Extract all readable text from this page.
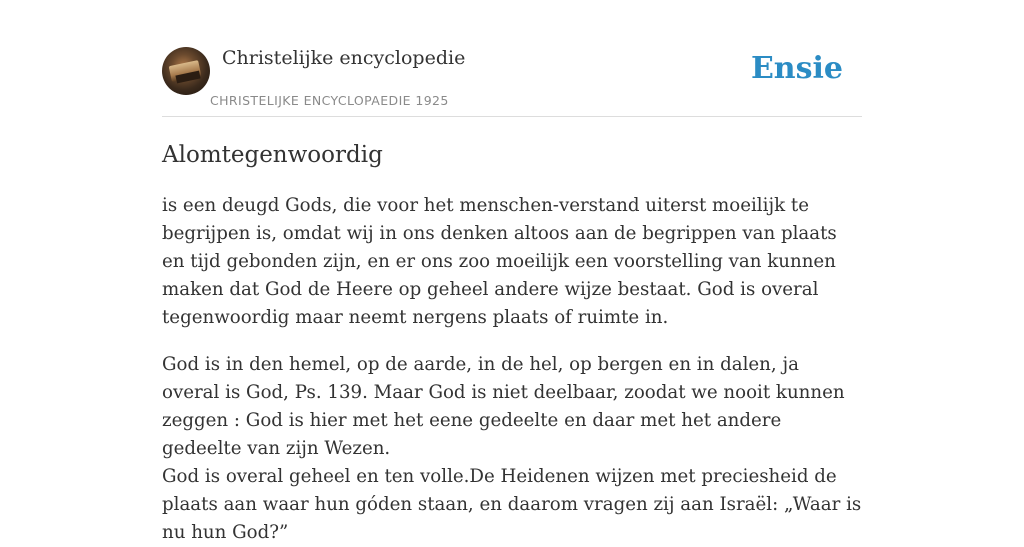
Christelijke encyclopedie
CHRISTELIJKE ENCYCLOPAEDIE 1925
Ensie
Alomtegenwoordig

is een deugd Gods, die voor het menschen-verstand uiterst moeilijk te begrijpen is, omdat wij in ons denken altoos aan de begrippen van plaats en tijd gebonden zijn, en er ons zoo moeilijk een voorstelling van kunnen maken dat God de Heere op geheel andere wijze bestaat. God is overal tegenwoordig maar neemt nergens plaats of ruimte in.

God is in den hemel, op de aarde, in de hel, op bergen en in dalen, ja overal is God, Ps. 139. Maar God is niet deelbaar, zoodat we nooit kunnen zeggen : God is hier met het eene gedeelte en daar met het andere gedeelte van zijn Wezen.

God is overal geheel en ten volle.De Heidenen wijzen met preciesheid de plaats aan waar hun góden staan, en daarom vragen zij aan Israël: „Waar is nu hun God?”
